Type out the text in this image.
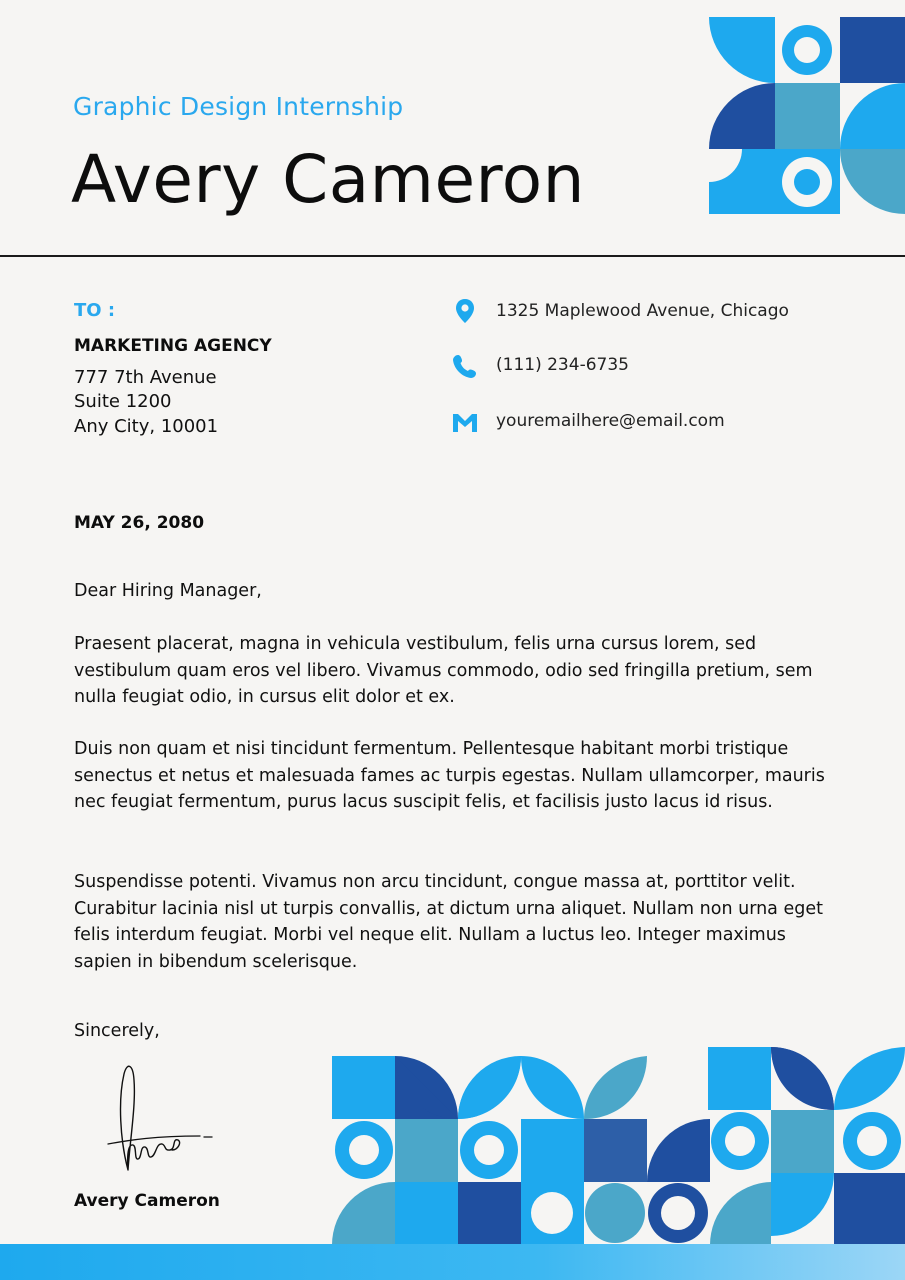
Graphic Design Internship
Avery Cameron
TO :
MARKETING AGENCY
777 7th Avenue
Suite 1200
Any City, 10001
1325 Maplewood Avenue, Chicago
(111) 234-6735
youremailhere@email.com
MAY 26, 2080
Dear Hiring Manager,
Praesent placerat, magna in vehicula vestibulum, felis urna cursus lorem, sed vestibulum quam eros vel libero. Vivamus commodo, odio sed fringilla pretium, sem nulla feugiat odio, in cursus elit dolor et ex.
Duis non quam et nisi tincidunt fermentum. Pellentesque habitant morbi tristique senectus et netus et malesuada fames ac turpis egestas. Nullam ullamcorper, mauris nec feugiat fermentum, purus lacus suscipit felis, et facilisis justo lacus id risus.
Suspendisse potenti. Vivamus non arcu tincidunt, congue massa at, porttitor velit. Curabitur lacinia nisl ut turpis convallis, at dictum urna aliquet. Nullam non urna eget felis interdum feugiat. Morbi vel neque elit. Nullam a luctus leo. Integer maximus sapien in bibendum scelerisque.
Sincerely,
Avery Cameron
